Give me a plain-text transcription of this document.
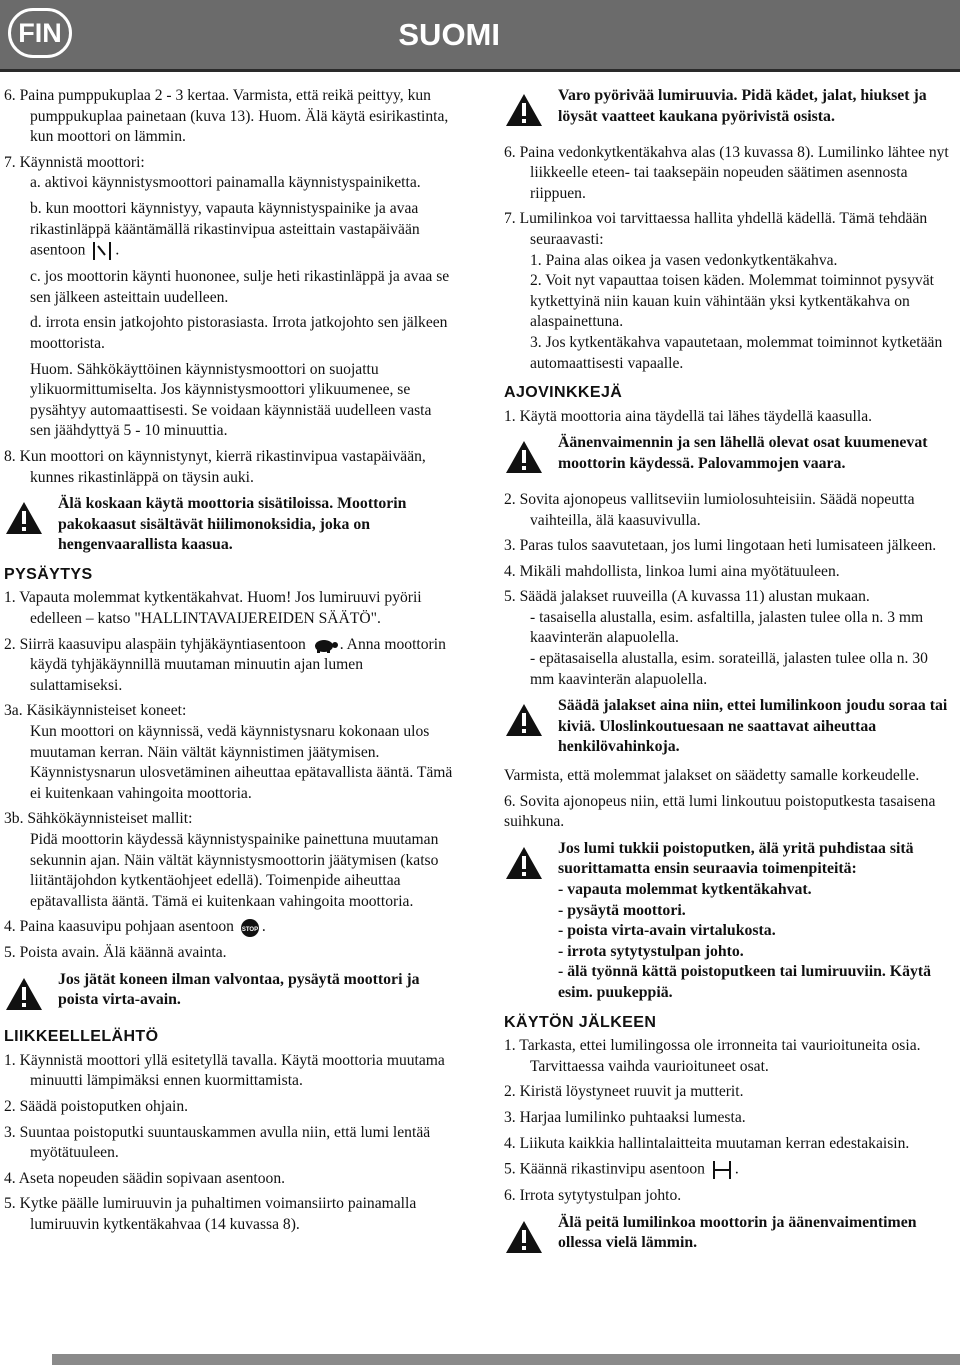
FIN	SUOMI
6. Paina pumppukuplaa 2 - 3 kertaa. Varmista, että reikä peittyy, kun pumppukuplaa painetaan (kuva 13). Huom. Älä käytä esirikastinta, kun moottori on lämmin.
7. Käynnistä moottori:
a. aktivoi käynnistysmoottori painamalla käynnistyspainiketta.
b. kun moottori käynnistyy, vapauta käynnistyspainike ja avaa rikastinläppä kääntämällä rikastinvipua asteittain vastapäivään asentoon .
c. jos moottorin käynti huononee, sulje heti rikastinläppä ja avaa se sen jälkeen asteittain uudelleen.
d. irrota ensin jatkojohto pistorasiasta. Irrota jatkojohto sen jälkeen moottorista.
Huom. Sähkökäyttöinen käynnistysmoottori on suojattu ylikuormittumiselta. Jos käynnistysmoottori ylikuumenee, se pysähtyy automaattisesti. Se voidaan käynnistää uudelleen vasta sen jäähdyttyä 5 - 10 minuuttia.
8. Kun moottori on käynnistynyt, kierrä rikastinvipua vastapäivään, kunnes rikastinläppä on täysin auki.
Älä koskaan käytä moottoria sisätiloissa. Moottorin pakokaasut sisältävät hiilimonoksidia, joka on hengenvaarallista kaasua.
PYSÄYTYS
1. Vapauta molemmat kytkentäkahvat. Huom! Jos lumiruuvi pyörii edelleen – katso "HALLINTAVAIJEREIDEN SÄÄTÖ".
2. Siirrä kaasuvipu alaspäin tyhjäkäyntiasentoon . Anna moottorin käydä tyhjäkäynnillä muutaman minuutin ajan lumen sulattamiseksi.
3a. Käsikäynnisteiset koneet:
Kun moottori on käynnissä, vedä käynnistysnaru kokonaan ulos muutaman kerran. Näin vältät käynnistimen jäätymisen. Käynnistysnarun ulosvetäminen aiheuttaa epätavallista ääntä. Tämä ei kuitenkaan vahingoita moottoria.
3b. Sähkökäynnisteiset mallit:
Pidä moottorin käydessä käynnistyspainike painettuna muutaman sekunnin ajan. Näin vältät käynnistysmoottorin jäätymisen (katso liitäntäjohdon kytkentäohjeet edellä). Toimenpide aiheuttaa epätavallista ääntä. Tämä ei kuitenkaan vahingoita moottoria.
4. Paina kaasuvipu pohjaan asentoon STOP .
5. Poista avain. Älä käännä avainta.
Jos jätät koneen ilman valvontaa, pysäytä moottori ja poista virta-avain.
LIIKKEELLELÄHTÖ
1. Käynnistä moottori yllä esitetyllä tavalla. Käytä moottoria muutama minuutti lämpimäksi ennen kuormittamista.
2. Säädä poistoputken ohjain.
3. Suuntaa poistoputki suuntauskammen avulla niin, että lumi lentää myötätuuleen.
4. Aseta nopeuden säädin sopivaan asentoon.
5. Kytke päälle lumiruuvin ja puhaltimen voimansiirto painamalla lumiruuvin kytkentäkahvaa (14 kuvassa 8).
Varo pyörivää lumiruuvia. Pidä kädet, jalat, hiukset ja löysät vaatteet kaukana pyörivistä osista.
6. Paina vedonkytkentäkahva alas (13 kuvassa 8). Lumilinko lähtee nyt liikkeelle eteen- tai taaksepäin nopeuden säätimen asennosta riippuen.
7. Lumilinkoa voi tarvittaessa hallita yhdellä kädellä. Tämä tehdään seuraavasti:
1. Paina alas oikea ja vasen vedonkytkentäkahva.
2. Voit nyt vapauttaa toisen käden. Molemmat toiminnot pysyvät kytkettyinä niin kauan kuin vähintään yksi kytkentäkahva on alaspainettuna.
3. Jos kytkentäkahva vapautetaan, molemmat toiminnot kytketään automaattisesti vapaalle.
AJOVINKKEJÄ
1. Käytä moottoria aina täydellä tai lähes täydellä kaasulla.
Äänenvaimennin ja sen lähellä olevat osat kuumenevat moottorin käydessä. Palovammojen vaara.
2. Sovita ajonopeus vallitseviin lumiolosuhteisiin. Säädä nopeutta vaihteilla, älä kaasuvivulla.
3. Paras tulos saavutetaan, jos lumi lingotaan heti lumisateen jälkeen.
4. Mikäli mahdollista, linkoa lumi aina myötätuuleen.
5. Säädä jalakset ruuveilla (A kuvassa 11) alustan mukaan.
- tasaisella alustalla, esim. asfaltilla, jalasten tulee olla n. 3 mm kaavinterän alapuolella.
- epätasaisella alustalla, esim. sorateillä, jalasten tulee olla n. 30 mm kaavinterän alapuolella.
Säädä jalakset aina niin, ettei lumilinkoon joudu soraa tai kiviä. Uloslinkoutuesaan ne saattavat aiheuttaa henkilövahinkoja.
Varmista, että molemmat jalakset on säädetty samalle korkeudelle.
6. Sovita ajonopeus niin, että lumi linkoutuu poistoputkesta tasaisena suihkuna.
Jos lumi tukkii poistoputken, älä yritä puhdistaa sitä suorittamatta ensin seuraavia toimenpiteitä:
- vapauta molemmat kytkentäkahvat.
- pysäytä moottori.
- poista virta-avain virtalukosta.
- irrota sytytystulpan johto.
- älä työnnä kättä poistoputkeen tai lumiruuviin. Käytä esim. puukeppiä.
KÄYTÖN JÄLKEEN
1. Tarkasta, ettei lumilingossa ole irronneita tai vaurioituneita osia. Tarvittaessa vaihda vaurioituneet osat.
2. Kiristä löystyneet ruuvit ja mutterit.
3. Harjaa lumilinko puhtaaksi lumesta.
4. Liikuta kaikkia hallintalaitteita muutaman kerran edestakaisin.
5. Käännä rikastinvipu asentoon .
6. Irrota sytytystulpan johto.
Älä peitä lumilinkoa moottorin ja äänenvaimentimen ollessa vielä lämmin.
